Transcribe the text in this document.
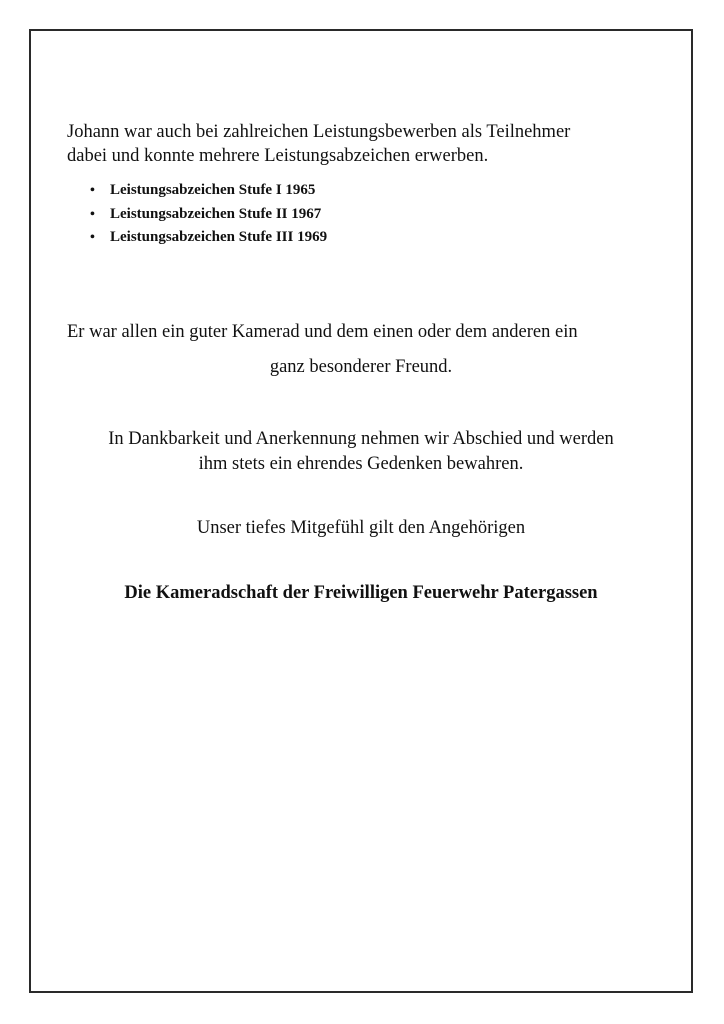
Johann war auch bei zahlreichen Leistungsbewerben als Teilnehmer
dabei und konnte mehrere Leistungsabzeichen erwerben.

• Leistungsabzeichen Stufe I 1965
• Leistungsabzeichen Stufe II 1967
• Leistungsabzeichen Stufe III 1969

Er war allen ein guter Kamerad und dem einen oder dem anderen ein

ganz besonderer Freund.

In Dankbarkeit und Anerkennung nehmen wir Abschied und werden
ihm stets ein ehrendes Gedenken bewahren.

Unser tiefes Mitgefühl gilt den Angehörigen

Die Kameradschaft der Freiwilligen Feuerwehr Patergassen
